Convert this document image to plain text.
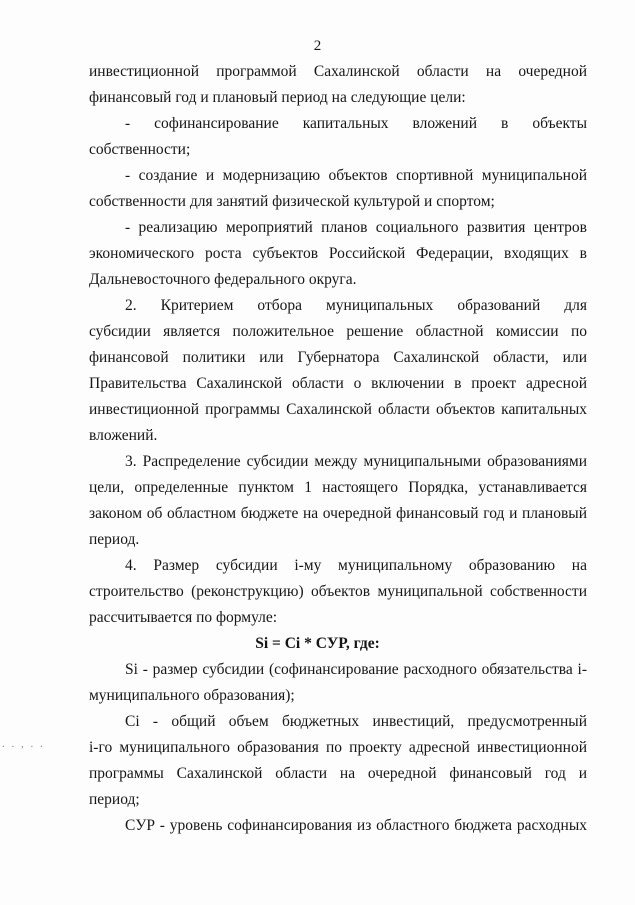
2
инвестиционной программой Сахалинской области на очередной
финансовый год и плановый период на следующие цели:
- софинансирование капитальных вложений в объекты
собственности;
- создание и модернизацию объектов спортивной муниципальной
собственности для занятий физической культурой и спортом;
- реализацию мероприятий планов социального развития центров
экономического роста субъектов Российской Федерации, входящих в
Дальневосточного федерального округа.
2. Критерием отбора муниципальных образований для
субсидии является положительное решение областной комиссии по
финансовой политики или Губернатора Сахалинской области, или
Правительства Сахалинской области о включении в проект адресной
инвестиционной программы Сахалинской области объектов капитальных
вложений.
3. Распределение субсидии между муниципальными образованиями
цели, определенные пунктом 1 настоящего Порядка, устанавливается
законом об областном бюджете на очередной финансовый год и плановый
период.
4. Размер субсидии i-му муниципальному образованию на
строительство (реконструкцию) объектов муниципальной собственности
рассчитывается по формуле:
Si = Ci * CУР, где:
Si - размер субсидии (софинансирование расходного обязательства i-
муниципального образования);
Ci - общий объем бюджетных инвестиций, предусмотренный
i-го муниципального образования по проекту адресной инвестиционной
программы Сахалинской области на очередной финансовый год и
период;
CУР - уровень софинансирования из областного бюджета расходных
. . , . .
